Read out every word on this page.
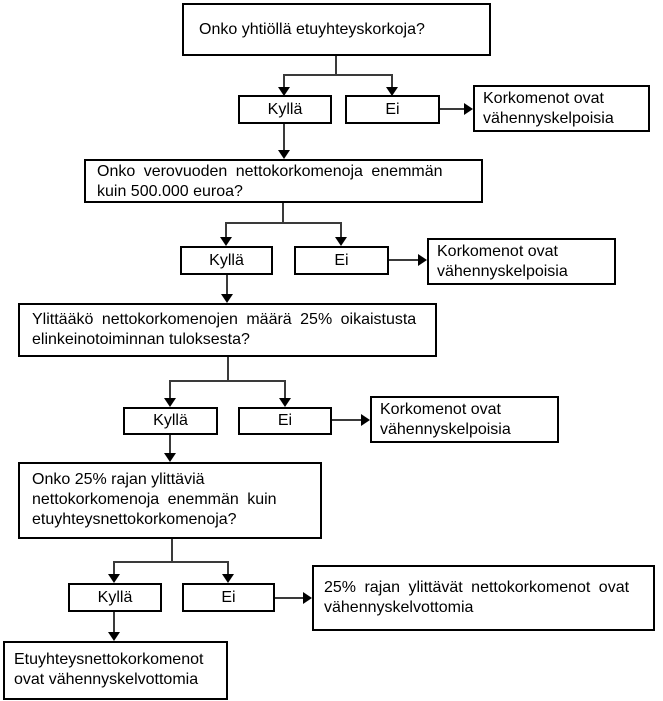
Onko yhtiöllä etuyhteyskorkoja?
Kyllä	Ei
Korkomenot ovat
vähennyskelpoisia
Onko verovuoden nettokorkomenoja enemmän
kuin 500.000 euroa?
Kyllä	Ei	Korkomenot ovat
vähennyskelpoisia
Ylittääkö nettokorkomenojen määrä 25% oikaistusta
elinkeinotoiminnan tuloksesta?
Kyllä	Ei
Korkomenot ovat
vähennyskelpoisia
Onko 25% rajan ylittäviä
nettokorkomenoja enemmän kuin
etuyhteysnettokorkomenoja?
Kyllä	Ei
25% rajan ylittävät nettokorkomenot ovat
vähennyskelvottomia
Etuyhteysnettokorkomenot
ovat vähennyskelvottomia
